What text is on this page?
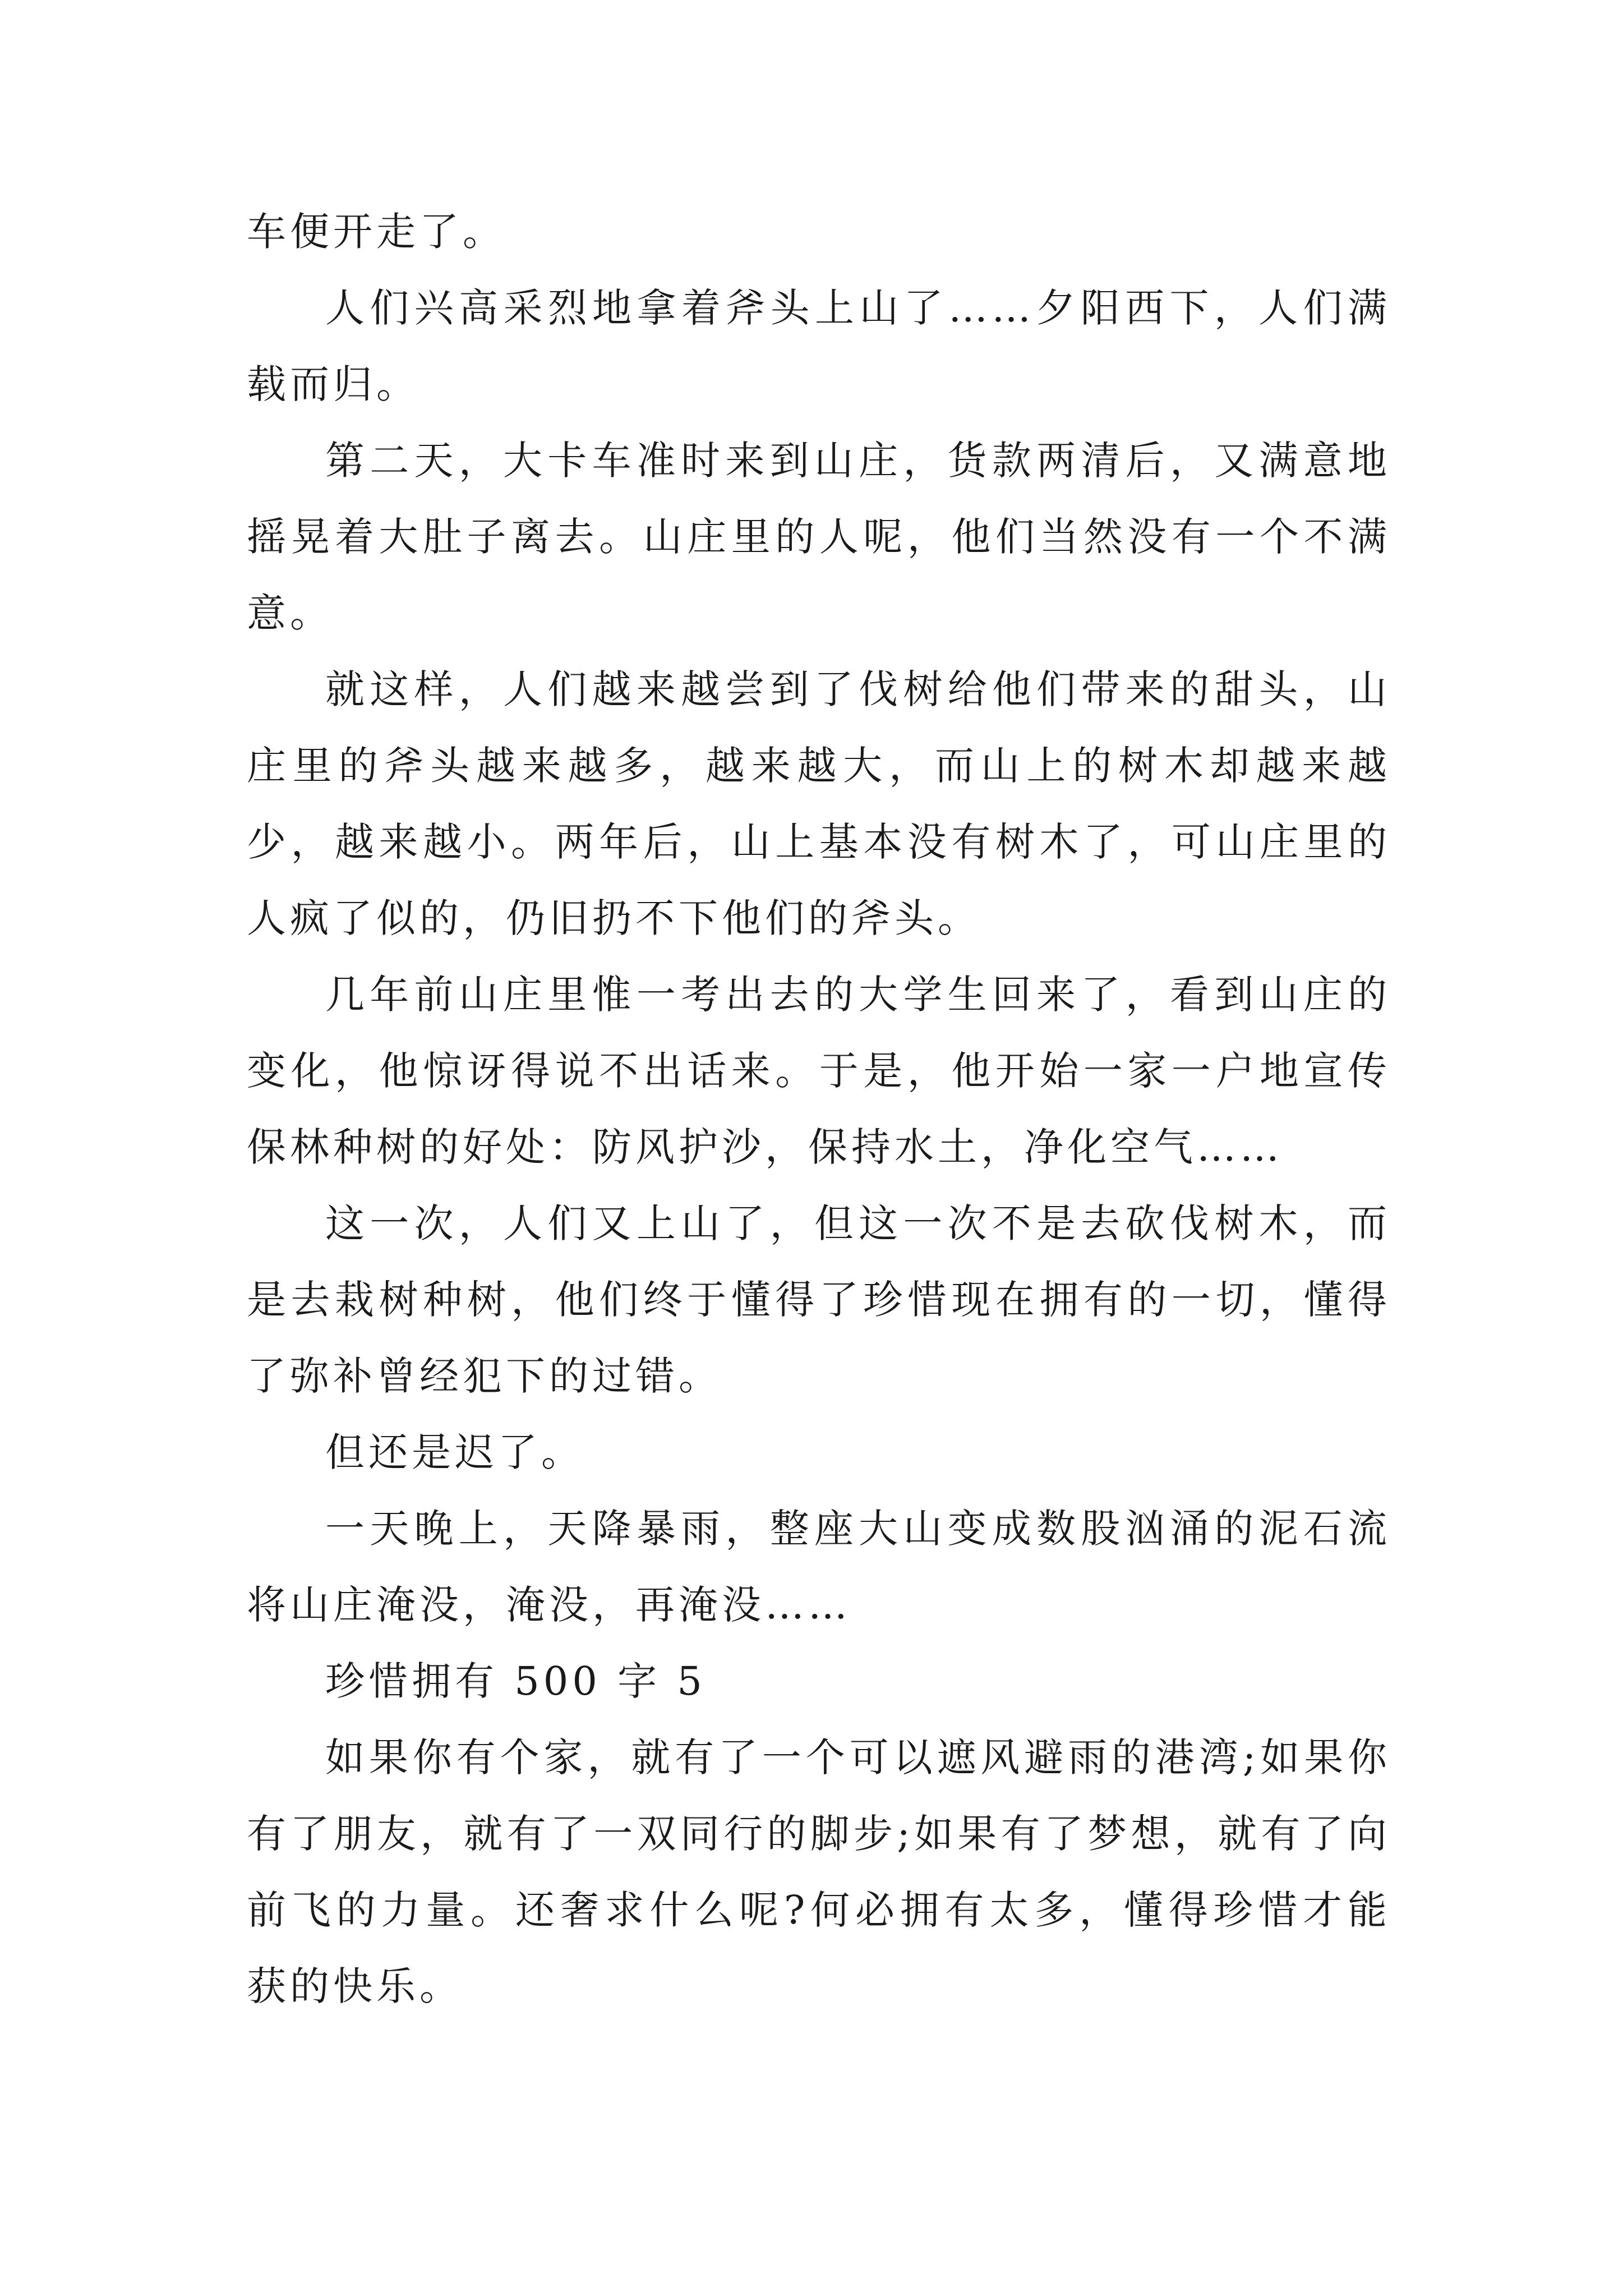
车便开走了。

人们兴高采烈地拿着斧头上山了……夕阳西下，人们满载而归。

第二天，大卡车准时来到山庄，货款两清后，又满意地摇晃着大肚子离去。山庄里的人呢，他们当然没有一个不满意。

就这样，人们越来越尝到了伐树给他们带来的甜头，山庄里的斧头越来越多，越来越大，而山上的树木却越来越少，越来越小。两年后，山上基本没有树木了，可山庄里的人疯了似的，仍旧扔不下他们的斧头。

几年前山庄里惟一考出去的大学生回来了，看到山庄的变化，他惊讶得说不出话来。于是，他开始一家一户地宣传保林种树的好处：防风护沙，保持水土，净化空气……

这一次，人们又上山了，但这一次不是去砍伐树木，而是去栽树种树，他们终于懂得了珍惜现在拥有的一切，懂得了弥补曾经犯下的过错。

但还是迟了。

一天晚上，天降暴雨，整座大山变成数股汹涌的泥石流将山庄淹没，淹没，再淹没……

珍惜拥有 500 字 5

如果你有个家，就有了一个可以遮风避雨的港湾;如果你有了朋友，就有了一双同行的脚步;如果有了梦想，就有了向前飞的力量。还奢求什么呢?何必拥有太多，懂得珍惜才能获的快乐。
